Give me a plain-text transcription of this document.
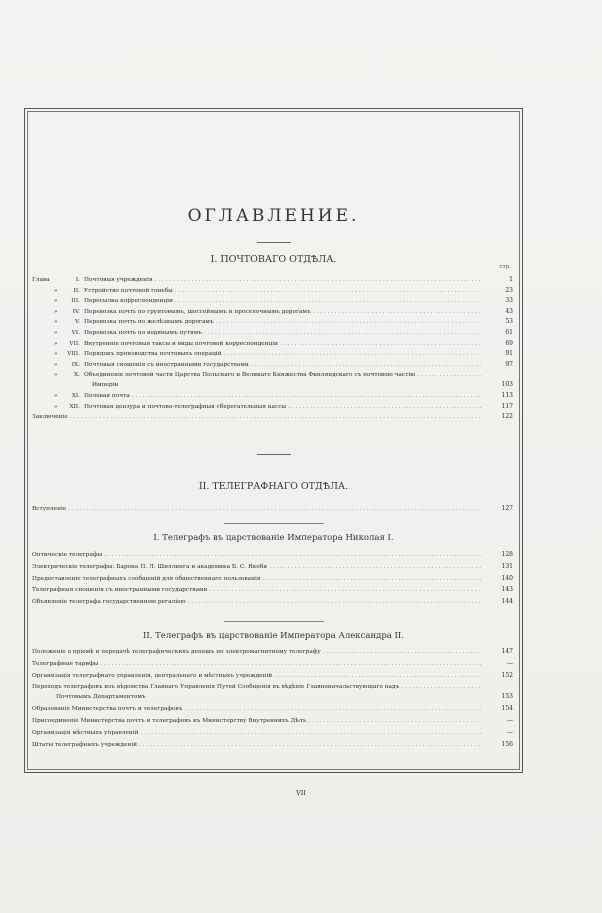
ОГЛАВЛЕНИЕ.
I. ПОЧТОВАГО ОТДѢЛА.
стр.
Глава	I. Почтовыя учрежденія . . .	1
»	II. Устройство почтовой гоньбы . . .	23
»	III. Пересылка корреспонденціи . . .	33
»	IV. Перевозка почть по грунтовымъ, шоссейнымъ и проселочнымъ дорогамъ . . .	43
»	V. Перевозка почть по желѣзнымъ дорогамъ . . .	53
»	VI. Перевозка почть по водянымъ путямъ . . .	61
»	VII. Внутренніе почтовыя таксы и виды почтовой корреспонденціи . . .	69
»	VIII. Порядокъ производства почтовыхъ операцій . . .	91
»	IX. Почтовыя сношенія съ иностранными государствами . . .	97
»	X. Объединеніе почтовой части Царства Польскаго и Великаго Княжества Финляндскаго съ почтовою частію . . .
Имперіи	103
»	XI. Полевая почта . . .	113
»	XII. Почтовая цензура и почтово-телеграфныя сберегательныя кассы . . .	117
Заключеніе . . .	122
II. ТЕЛЕГРАФНАГО ОТДѢЛА.
Вступленіе . . .	127
I. Телеграфъ въ царствованіе Императора Николая I.
Оптическіе телеграфы . . .	128
Электрическіе телеграфы: Барона П. Л. Шиллинга и академика Б. С. Якоби . . .	131
Предоставленіе телеграфныхъ сообщеній для общественнаго пользованія . . .	140
Телеграфныя сношенія съ иностранными государствами . . .	143
Объявленіе телеграфа государственною регаліею . . .	144
II. Телеграфъ въ царствованіе Императора Александра II.
Положеніе о пріемѣ и передачѣ телеграфическихъ депешъ по электромагнитному телеграфу . . .	147
Телеграфные тарифы . . .	—
Организація телеграфнаго управленія, центральнаго и мѣстныхъ учрежденій . . .	152
Переходъ телеграфовъ изъ вѣдомства Главнаго Управленія Путей Сообщенія въ вѣдѣніе Главноначальствующаго надъ . . .
Почтовымъ Департаментомъ	153
Образованіе Министерства почтъ и телеграфовъ . . .	154
Присоединеніе Министерства почтъ и телеграфовъ къ Министерству Внутреннихъ Дѣлъ . . .	—
Организація мѣстныхъ управленій . . .	—
Штаты телеграфныхъ учрежденій . . .	156
VII
